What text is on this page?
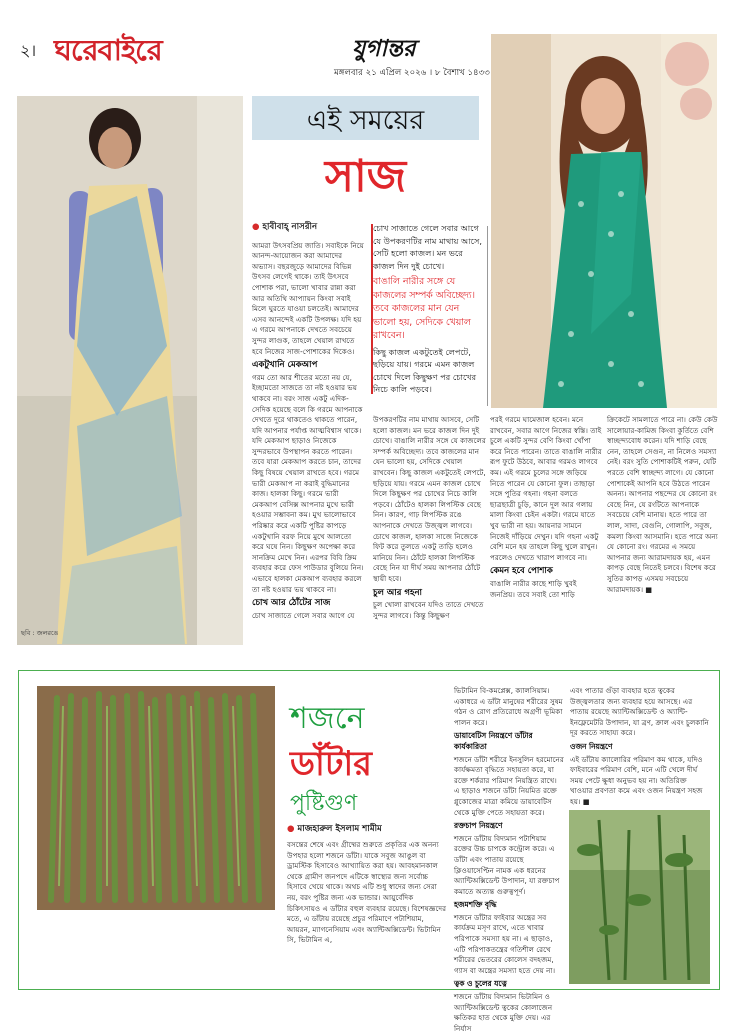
২। ঘরেবাইরে	যুগান্তর
মঙ্গলবার ২১ এপ্রিল ২০২৬ । ৮ বৈশাখ ১৪৩৩
ছবি : জলরঙে
এই সময়ের
সাজ
● হাবীবাহ্ নাসরীন

আমরা উৎসবপ্রিয় জাতি। সবাইকে নিয়ে আনন্দ-আয়োজন করা আমাদের অভ্যাস। বছরজুড়ে আমাদের বিভিন্ন উৎসব লেগেই থাকে। তাই উৎসবে পোশাক পরা, ভালো খাবার রান্না করা আর অতিথি আপ্যায়ন কিংবা সবাই মিলে ঘুরতে যাওয়া চলতেই। আমাদের এসব আনন্দেই একটি উপলক্ষ। যদি হয় এ গরমে আপনাকে দেখতে সবচেয়ে সুন্দর লাগুক, তাহলে খেয়াল রাখতে হবে নিজের সাজ-পোশাকের দিকেও।

একটুখানি মেকআপ

গরম তো আর শীতের মতো নয় যে, ইচ্ছামতো সাজতে তা নষ্ট হওয়ার ভয় থাকবে না। বরং সাজ একটু এদিক-সেদিক হয়েছে বলে কি গরমে আপনাকে দেখতে দুরে থাকতেও থাকতে পারেন, যদি আপনার পর্যাপ্ত আত্মবিশ্বাস থাকে। যদি মেকআপ ছাড়াও নিজেকে সুন্দরভাবে উপস্থাপন করতে পারেন। তবে যারা মেকআপ করতে চান, তাদের কিছু বিষয়ে খেয়াল রাখতে হবে। গরমে ভারী মেকআপ না করাই বুদ্ধিমানের কাজ। হালকা কিছু। গরমে ভারী মেকআপ বেসিক্স আপনার মুখে ভারী হওয়ার সম্ভাবনা কম। মুখ ভালোভাবে পরিষ্কার করে একটি পুষ্টির কাপড়ে একটুখানি বরফ নিয়ে মুখে আলতো করে ঘষে নিন। কিছুক্ষণ অপেক্ষা করে সানক্রিম মেখে নিন। এরপর বিবি ক্রিম ব্যবহার করে ফেস পাউডার বুলিয়ে নিন। এভাবে হালকা মেকআপ ব্যবহার করলে তা নষ্ট হওয়ার ভয় থাকবে না।

চোখ আর ঠোঁটের সাজ

চোখ সাজাতে গেলে সবার আগে যে

চোখ সাজাতে গেলে সবার আগে যে উপকরণটির নাম মাথায় আসে, সেটি হলো কাজল। মন ভরে কাজল দিন দুই চোখে।
বাঙালি নারীর সঙ্গে যে কাজলের সম্পর্ক অবিচ্ছেদ্য। তবে কাজলের মান যেন ভালো হয়, সেদিকে খেয়াল রাখবেন।
কিছু কাজল একটুতেই লেপটে, ছড়িয়ে যায়। গরমে এমন কাজল চোখে দিলে কিছুক্ষণ পর চোখের নিচে কালি পড়বে।

উপকরণটির নাম মাথায় আসবে, সেটি হলো কাজল। মন ভরে কাজল দিন দুই চোখে। বাঙালি নারীর সঙ্গে যে কাজলের সম্পর্ক অবিচ্ছেদ্য। তবে কাজলের মান যেন ভালো হয়, সেদিকে খেয়াল রাখবেন। কিছু কাজল একটুতেই লেপটে, ছড়িয়ে যায়। গরমে এমন কাজল চোখে দিলে কিছুক্ষণ পর চোখের নিচে কালি পড়বে। ঠোঁটেও হালকা লিপস্টিক বেছে নিন। কারণ, গাঢ় লিপস্টিক রঙে আপনাকে দেখতে উজ্জ্বল লাগবে। চোখে কাজল, হালকা সাজে নিজেকে ফিট করে তুলতে একটু তাড়ি হলেও মানিয়ে নিন। ঠোঁটে হালকা লিপস্টিক বেছে নিন যা দীর্ঘ সময় আপনার ঠোঁটে স্থায়ী হবে।

চুল আর গহনা

চুল খোলা রাখবেন যদিও তাতে দেখতে সুন্দর লাগবে। কিন্তু কিছুক্ষণ

পরই গরমে ঘামেজাল হবেন। মনে রাখবেন, সবার আগে নিজের স্বস্তি। তাই চুলে একটি সুন্দর বেণি কিংবা খোঁপা করে নিতে পারেন। তাতে বাঙালি নারীর রূপ ফুটে উঠবে, আবার গরমও লাগবে কম। এই গরমে চুলের সঙ্গে জড়িয়ে নিতে পারেন যে কোনো ফুল। তাছাড়া সঙ্গে পুতির গহনা। গহনা বলতে ছাত্রছাত্রী চুড়ি, কানে দুল আর গলায় মালা কিংবা চেইন একটা। গরমে যাতে খুব ভারী না হয়। আয়নার সামনে নিজেই দাঁড়িয়ে দেখুন। যদি গহনা একটু বেশি মনে হয় তাহলে কিছু খুলে রাখুন। পরলেও দেখতে খারাপ লাগবে না।

কেমন হবে পোশাক

বাঙালি নারীর কাছে শাড়ি খুবই জনপ্রিয়। তবে সবাই তো শাড়ি

ক্রিকেটে সামলাতে পারে না। কেউ কেউ সালোয়ার-কামিজ কিংবা কুর্তিতে বেশি স্বাচ্ছন্দ্যবোধ করেন। যদি শাড়ি বেছে নেন, তাহলে সেগুন, না নিলেও সমস্যা নেই। বরং সুতি পোশাকটিই পরুন, যেটি পরতে বেশি স্বাচ্ছন্দ্য লাগে। যে কোনো পোশাকেই আপনি হবে উঠতে পারেন অনন্য। আপনার পছন্দের যে কোনো রং বেছে নিন, যে রংটিতে আপনাকে সবচেয়ে বেশি মানায়। হতে পারে তা লাল, সাদা, বেগুনি, গোলাপি, সবুজ, কমলা কিংবা আসমানি। হতে পারে অন্য যে কোনো রং। গরমের এ সময়ে আপনার জন্য আরামদায়ক হয়, এমন কাপড় বেছে নিতেই চলবে। বিশেষ করে সুতির কাপড় এসময় সবচেয়ে আরামদায়ক। ■

শজনে
ডাঁটার
পুষ্টিগুণ
● মাজহারুল ইসলাম শামীম

বসন্তের শেষে এবং গ্রীষ্মের শুরুতে প্রকৃতির এক অনন্য উপহার হলো শজনে ডাঁটা। যাকে সবুজ আঙুল বা ড্রামস্টিক হিসাবেও আখ্যায়িত করা হয়। আবহমানকাল থেকে গ্রামীণ জনপদে এটিকে স্বাস্থ্যের জন্য সর্বোচ্চ হিসাবে খেয়ে থাকে। অথচ এটি শুধু স্বাদের জন্য সেরা নয়, বরং পুষ্টির জন্য এক ভান্ডার। আয়ুর্বেদিক চিকিৎসায়ও এ ডাঁটার বহুল ব্যবহার রয়েছে। বিশেষজ্ঞদের মতে, এ ডাঁটায় রয়েছে প্রচুর পরিমাণে পটাশিয়াম, আয়রন, ম্যাগনেসিয়াম এবং অ্যান্টিঅক্সিডেন্ট। ভিটামিন সি, ভিটামিন এ,

ভিটামিন বি-কমপ্লেক্স, ক্যালসিয়াম। একাধরে এ ডাঁটা মানুষের শরীরের সুষম গঠন ও রোগ প্রতিরোধে অগ্রণী ভূমিকা পালন করে।

ডায়াবেটিস নিয়ন্ত্রণে ডাঁটার কার্যকারিতা

শজনে ডাঁটা শরীরে ইনসুলিন হরমোনের কার্যক্ষমতা বৃদ্ধিতে সহায়তা করে, যা রক্তে শর্করার পরিমাণ নিয়ন্ত্রিত রাখে। এ ছাড়াও শজনে ডাঁটা নিয়মিত রক্তে গ্লুকোজের মাত্রা কমিয়ে ডায়াবেটিস থেকে মুক্তি পেতে সহায়তা করে।

রক্তচাপ নিয়ন্ত্রণে

শজনে ডাঁটায় বিদ্যমান পটাশিয়াম রক্তের উচ্চ চাপকে কন্ট্রোল করে। এ ডাঁটা এবং পাতায় রয়েছে ক্লিওয়াসেপ্টিন নামক এক ধরনের অ্যান্টিঅক্সিডেন্ট উপাদান, যা রক্তচাপ কমাতে অত্যন্ত গুরুত্বপূর্ণ।

হজমশক্তি বৃদ্ধি

শজনে ডাঁটার ফাইবার অন্ত্রের সব কার্যক্রম মসৃণ রাখে, এতে খাবার পরিপাকে সমস্যা হয় না। এ ছাড়াও, এটি পরিপাকতন্ত্রের গতিশীল রেখে শরীরের ভেতরের কোলেস বদহজম, গ্যাস বা অন্ত্রের সমস্যা হতে দেয় না।

ত্বক ও চুলের যত্নে

শজনে ডাঁটায় বিদ্যমান ভিটামিন ও অ্যান্টিঅক্সিডেন্ট ত্বকের কোলাজেন ক্ষতিকর হাত থেকে মুক্তি দেয়। এর নির্যাস

এবং পাতার গুঁড়া ব্যবহার হতে ত্বকের উজ্জ্বলতার জন্য ব্যবহার হয়ে আসছে। এর পাতায় রয়েছে অ্যান্টিঅক্সিডেন্ট ও অ্যান্টি-ইনফ্লেমেটরি উপাদান, যা ব্রণ, ক্রাল এবং চুলকানি দূর করতে সাহায্য করে।

ওজন নিয়ন্ত্রণে

এই ডাঁটায় ক্যালোরির পরিমাণ কম থাকে, যদিও ফাইবারের পরিমাণ বেশি, মনে এটি খেলে দীর্ঘ সময় পেটে ক্ষুধা অনুভব হয় না। অতিরিক্ত খাওয়ার প্রবণতা কমে এবং ওজন নিয়ন্ত্রণ সহজ হয়। ■
